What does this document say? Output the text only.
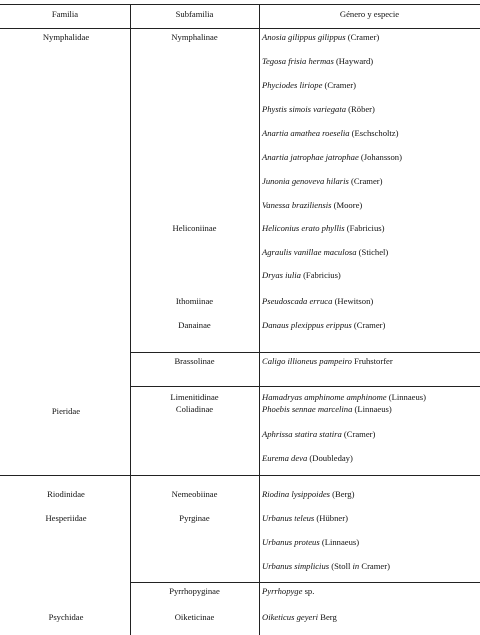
Familia	Subfamilia	Género y especie
Nymphalidae
Pieridae
Riodinidae
Hesperiidae
Psychidae
Nymphalinae
Heliconiinae
Ithomiinae
Danainae
Brassolinae
Limenitidinae
Coliadinae
Nemeobiinae
Pyrginae
Pyrrhopyginae
Oiketicinae
Anosia gilippus gilippus (Cramer)
Tegosa frisia hermas (Hayward)
Phyciodes liriope (Cramer)
Phystis simois variegata (Röber)
Anartia amathea roeselia (Eschscholtz)
Anartia jatrophae jatrophae (Johansson)
Junonia genoveva hilaris (Cramer)
Vanessa braziliensis (Moore)
Heliconius erato phyllis (Fabricius)
Agraulis vanillae maculosa (Stichel)
Dryas iulia (Fabricius)
Pseudoscada erruca (Hewitson)
Danaus plexippus erippus (Cramer)
Caligo illioneus pampeiro Fruhstorfer
Hamadryas amphinome amphinome (Linnaeus)
Phoebis sennae marcelina (Linnaeus)
Aphrissa statira statira (Cramer)
Eurema deva (Doubleday)
Riodina lysippoides (Berg)
Urbanus teleus (Hübner)
Urbanus proteus (Linnaeus)
Urbanus simplicius (Stoll in Cramer)
Pyrrhopyge sp.
Oiketicus geyeri Berg
